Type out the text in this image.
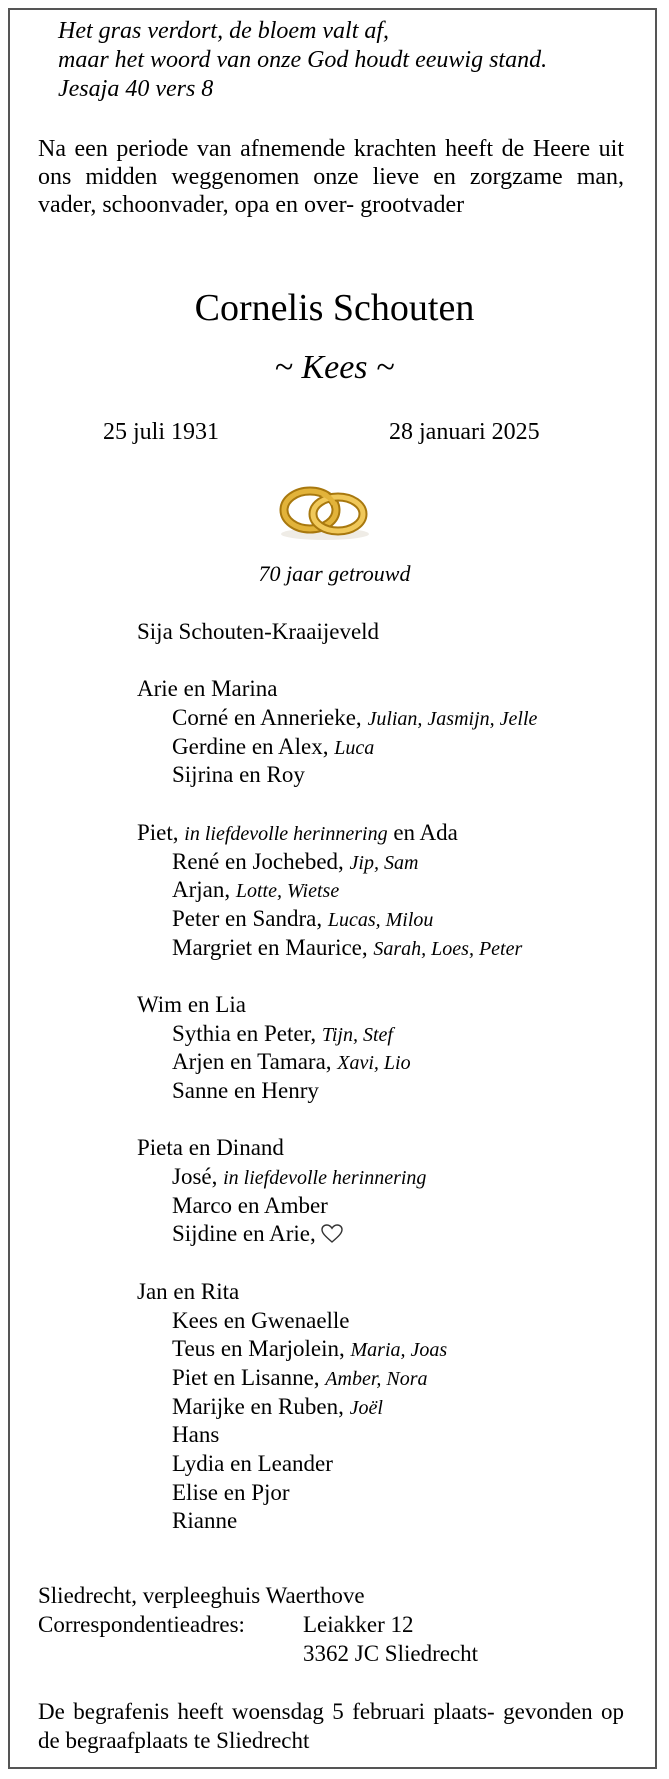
Het gras verdort, de bloem valt af,
maar het woord van onze God houdt eeuwig stand.
Jesaja 40 vers 8
Na een periode van afnemende krachten heeft de Heere uit ons midden weggenomen onze lieve en zorgzame man, vader, schoonvader, opa en over- grootvader
Cornelis Schouten
~ Kees ~
25 juli 1931	28 januari 2025
70 jaar getrouwd
Sija Schouten-Kraaijeveld
Arie en Marina
Corné en Annerieke, Julian, Jasmijn, Jelle
Gerdine en Alex, Luca
Sijrina en Roy
Piet, in liefdevolle herinnering en Ada
René en Jochebed, Jip, Sam
Arjan, Lotte, Wietse
Peter en Sandra, Lucas, Milou
Margriet en Maurice, Sarah, Loes, Peter
Wim en Lia
Sythia en Peter, Tijn, Stef
Arjen en Tamara, Xavi, Lio
Sanne en Henry
Pieta en Dinand
José, in liefdevolle herinnering
Marco en Amber
Sijdine en Arie,
Jan en Rita
Kees en Gwenaelle
Teus en Marjolein, Maria, Joas
Piet en Lisanne, Amber, Nora
Marijke en Ruben, Joël
Hans
Lydia en Leander
Elise en Pjor
Rianne
Sliedrecht, verpleeghuis Waerthove
Correspondentieadres:	Leiakker 12
3362 JC Sliedrecht
De begrafenis heeft woensdag 5 februari plaats- gevonden op de begraafplaats te Sliedrecht
